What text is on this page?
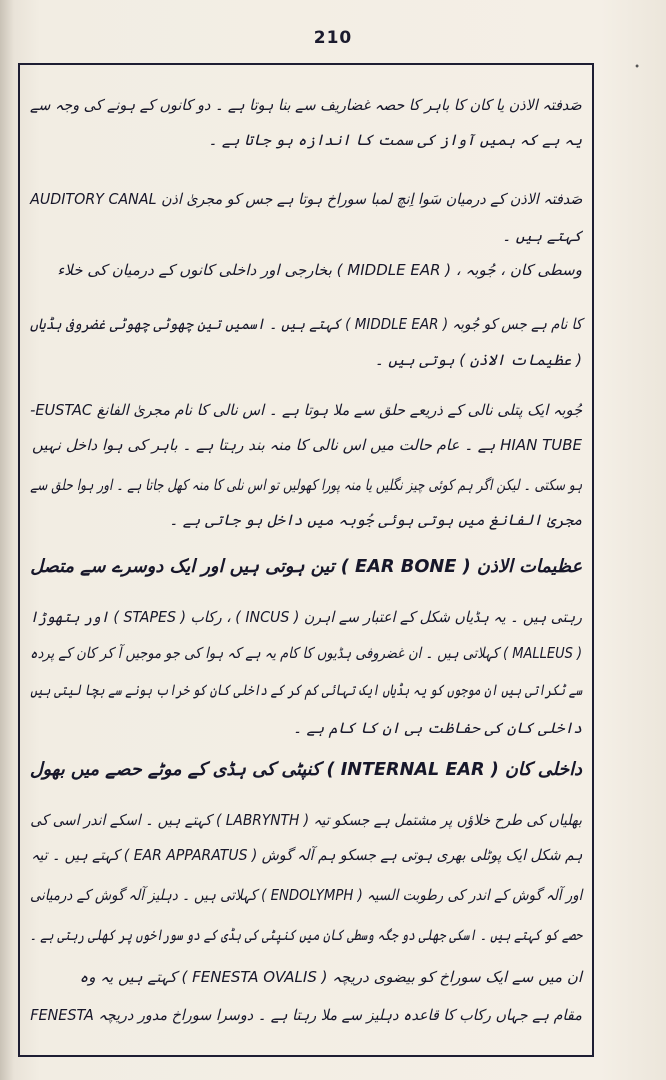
210
•
صَدفتہ الاذن یا کان کا باہر کا حصہ غضاریف سے بنا ہوتا ہے ۔ دو کانوں کے ہونے کی وجہ سے
یہ ہے کہ ہمیں آواز کی سمت کا اندازہ ہو جاتا ہے ۔
صَدفتہ الاذن کے درمیان سَوا اِنچ لمبا سوراخ ہوتا ہے جس کو مجریٰ اذن AUDITORY CANAL
کہتے ہیں ۔
وسطی کان ، جُوبہ ، ( MIDDLE EAR ) بخارجی اور داخلی کانوں کے درمیان کی خلاء
کا نام ہے جس کو جُوبہ ( MIDDLE EAR ) کہتے ہیں ۔ اسمیں تین چھوٹی چھوٹی غضروفی ہڈیاں
( عظیمات الاذن ) ہوتی ہیں ۔
جُوبہ ایک پتلی نالی کے ذریعے حلق سے ملا ہوتا ہے ۔ اس نالی کا نام مجریٰ الفانغ EUSTAC-
HIAN TUBE ہے ۔ عام حالت میں اس نالی کا منہ بند رہتا ہے ۔ باہر کی ہوا داخل نہیں
ہو سکتی ۔ لیکن اگر ہم کوئی چیز نگلیں یا منہ پورا کھولیں تو اس نلی کا منہ کھل جاتا ہے ۔ اور ہوا حلق سے
مجریٰ الفانغ میں ہوتی ہوئی جُوبہ میں داخل ہو جاتی ہے ۔
عظیمات الاذن ( EAR BONE ) تین ہوتی ہیں اور ایک دوسرے سے متصل
رہتی ہیں ۔ یہ ہڈیاں شکل کے اعتبار سے اہرن ( INCUS ) ، رکاب ( STAPES ) اور ہتھوڑا
( MALLEUS ) کہلاتی ہیں ۔ ان غضروفی ہڈیوں کا کام یہ ہے کہ ہوا کی جو موجیں آ کر کان کے پردہ
سے ٹکراتی ہیں ان موجوں کو یہ ہڈیاں ایک تہائی کم کر کے داخلی کان کو خراب ہونے سے بچا لیتی ہیں
داخلی کان کی حفاظت ہی ان کا کام ہے ۔
داخلی کان ( INTERNAL EAR ) کنپٹی کی ہڈی کے موٹے حصے میں بھول
بھلیاں کی طرح خلاؤں پر مشتمل ہے جسکو تیہ ( LABRYNTH ) کہتے ہیں ۔ اسکے اندر اسی کی
ہم شکل ایک پوٹلی بھری ہوتی ہے جسکو ہم آلہ گوش ( EAR APPARATUS ) کہتے ہیں ۔ تیہ
اور آلہ گوش کے اندر کی رطوبت السیہ ( ENDOLYMPH ) کہلاتی ہیں ۔ دہلیز آلہ گوش کے درمیانی
حصے کو کہتے ہیں ۔ اسکی جھلی دو جگہ وسطی کان میں کنپٹی کی ہڈی کے دو سوراخوں پر کھلی رہتی ہے ۔
ان میں سے ایک سوراخ کو بیضوی دریچہ ( FENESTA OVALIS ) کہتے ہیں یہ وہ
مقام ہے جہاں رکاب کا قاعدہ دہلیز سے ملا رہتا ہے ۔ دوسرا سوراخ مدور دریچہ FENESTA
